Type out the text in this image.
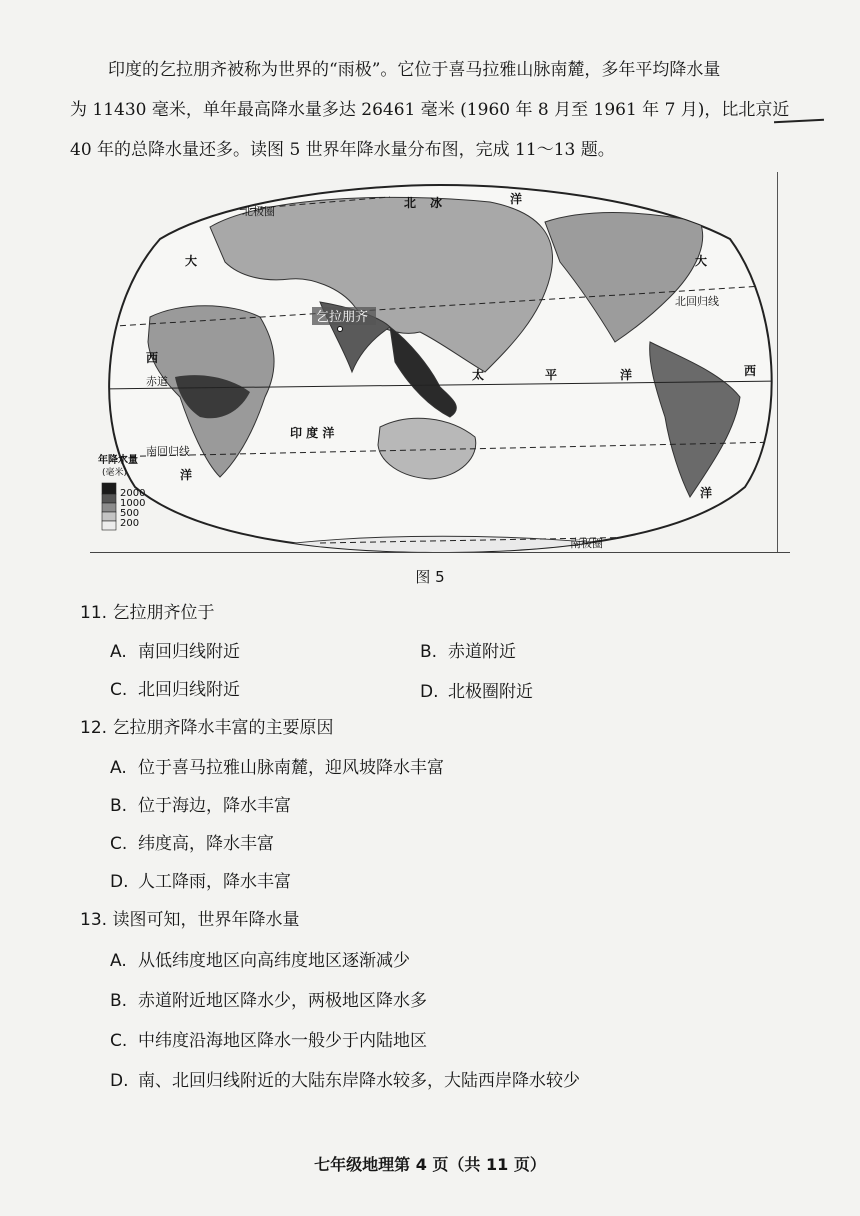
印度的乞拉朋齐被称为世界的“雨极”。它位于喜马拉雅山脉南麓，多年平均降水量

为 11430 毫米，单年最高降水量多达 26461 毫米 (1960 年 8 月至 1961 年 7 月)，比北京近

40 年的总降水量还多。读图 5 世界年降水量分布图，完成 11～13 题。

北极圈
北 冰	洋
大	大
北回归线
乞拉朋齐
西
赤道	太	平	洋	西
印 度 洋
南回归线
洋
洋
南极圈
年降水量
(毫米)
2000
1000
500
200
图 5
11. 乞拉朋齐位于
A. 南回归线附近	B. 赤道附近
C. 北回归线附近	D. 北极圈附近
12. 乞拉朋齐降水丰富的主要原因
A. 位于喜马拉雅山脉南麓，迎风坡降水丰富
B. 位于海边，降水丰富
C. 纬度高，降水丰富
D. 人工降雨，降水丰富
13. 读图可知，世界年降水量
A. 从低纬度地区向高纬度地区逐渐减少
B. 赤道附近地区降水少，两极地区降水多
C. 中纬度沿海地区降水一般少于内陆地区
D. 南、北回归线附近的大陆东岸降水较多，大陆西岸降水较少
七年级地理第 4 页（共 11 页）
